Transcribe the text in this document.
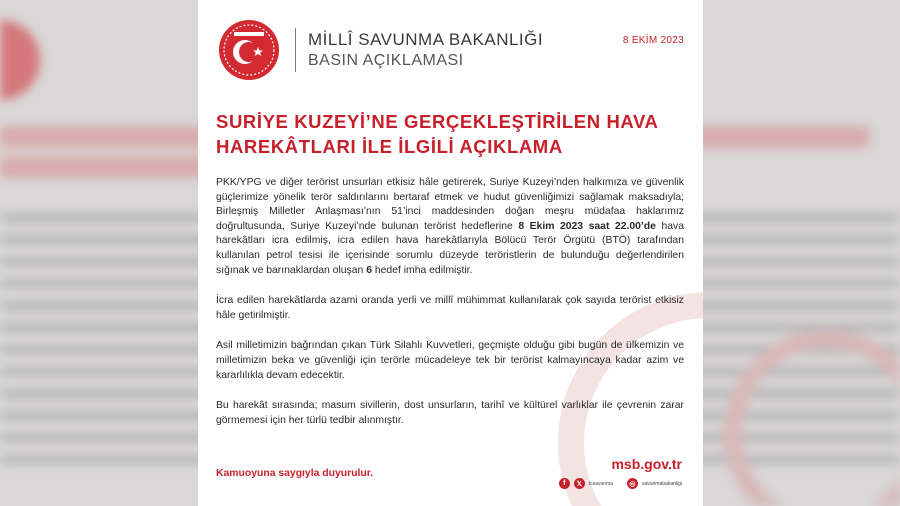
MİLLÎ SAVUNMA BAKANLIĞI
BASIN AÇIKLAMASI
8 EKİM 2023
SURİYE KUZEYİ’NE GERÇEKLEŞTİRİLEN HAVA
HAREKÂTLARI İLE İLGİLİ AÇIKLAMA

PKK/YPG ve diğer terörist unsurları etkisiz hâle getirerek, Suriye Kuzeyi’nden halkımıza ve güvenlik güçlerimize yönelik terör saldırılarını bertaraf etmek ve hudut güvenliğimizi sağlamak maksadıyla; Birleşmiş Milletler Anlaşması’nın 51’inci maddesinden doğan meşru müdafaa haklarımız doğrultusunda, Suriye Kuzeyi’nde bulunan terörist hedeflerine 8 Ekim 2023 saat 22.00’de hava harekâtları icra edilmiş, icra edilen hava harekâtlarıyla Bölücü Terör Örgütü (BTÖ) tarafından kullanılan petrol tesisi ile içerisinde sorumlu düzeyde teröristlerin de bulunduğu değerlendirilen sığınak ve barınaklardan oluşan 6 hedef imha edilmiştir.

İcra edilen harekâtlarda azami oranda yerli ve millî mühimmat kullanılarak çok sayıda terörist etkisiz hâle getirilmiştir.

Asil milletimizin bağrından çıkan Türk Silahlı Kuvvetleri, geçmişte olduğu gibi bugün de ülkemizin ve milletimizin beka ve güvenliği için terörle mücadeleye tek bir terörist kalmayıncaya kadar azim ve kararlılıkla devam edecektir.

Bu harekât sırasında; masum sivillerin, dost unsurların, tarihî ve kültürel varlıklar ile çevrenin zarar görmemesi için her türlü tedbir alınmıştır.

Kamuoyuna saygıyla duyurulur.
msb.gov.tr
f	𝕏	tcsavunma	◎	savunmabakanligi
